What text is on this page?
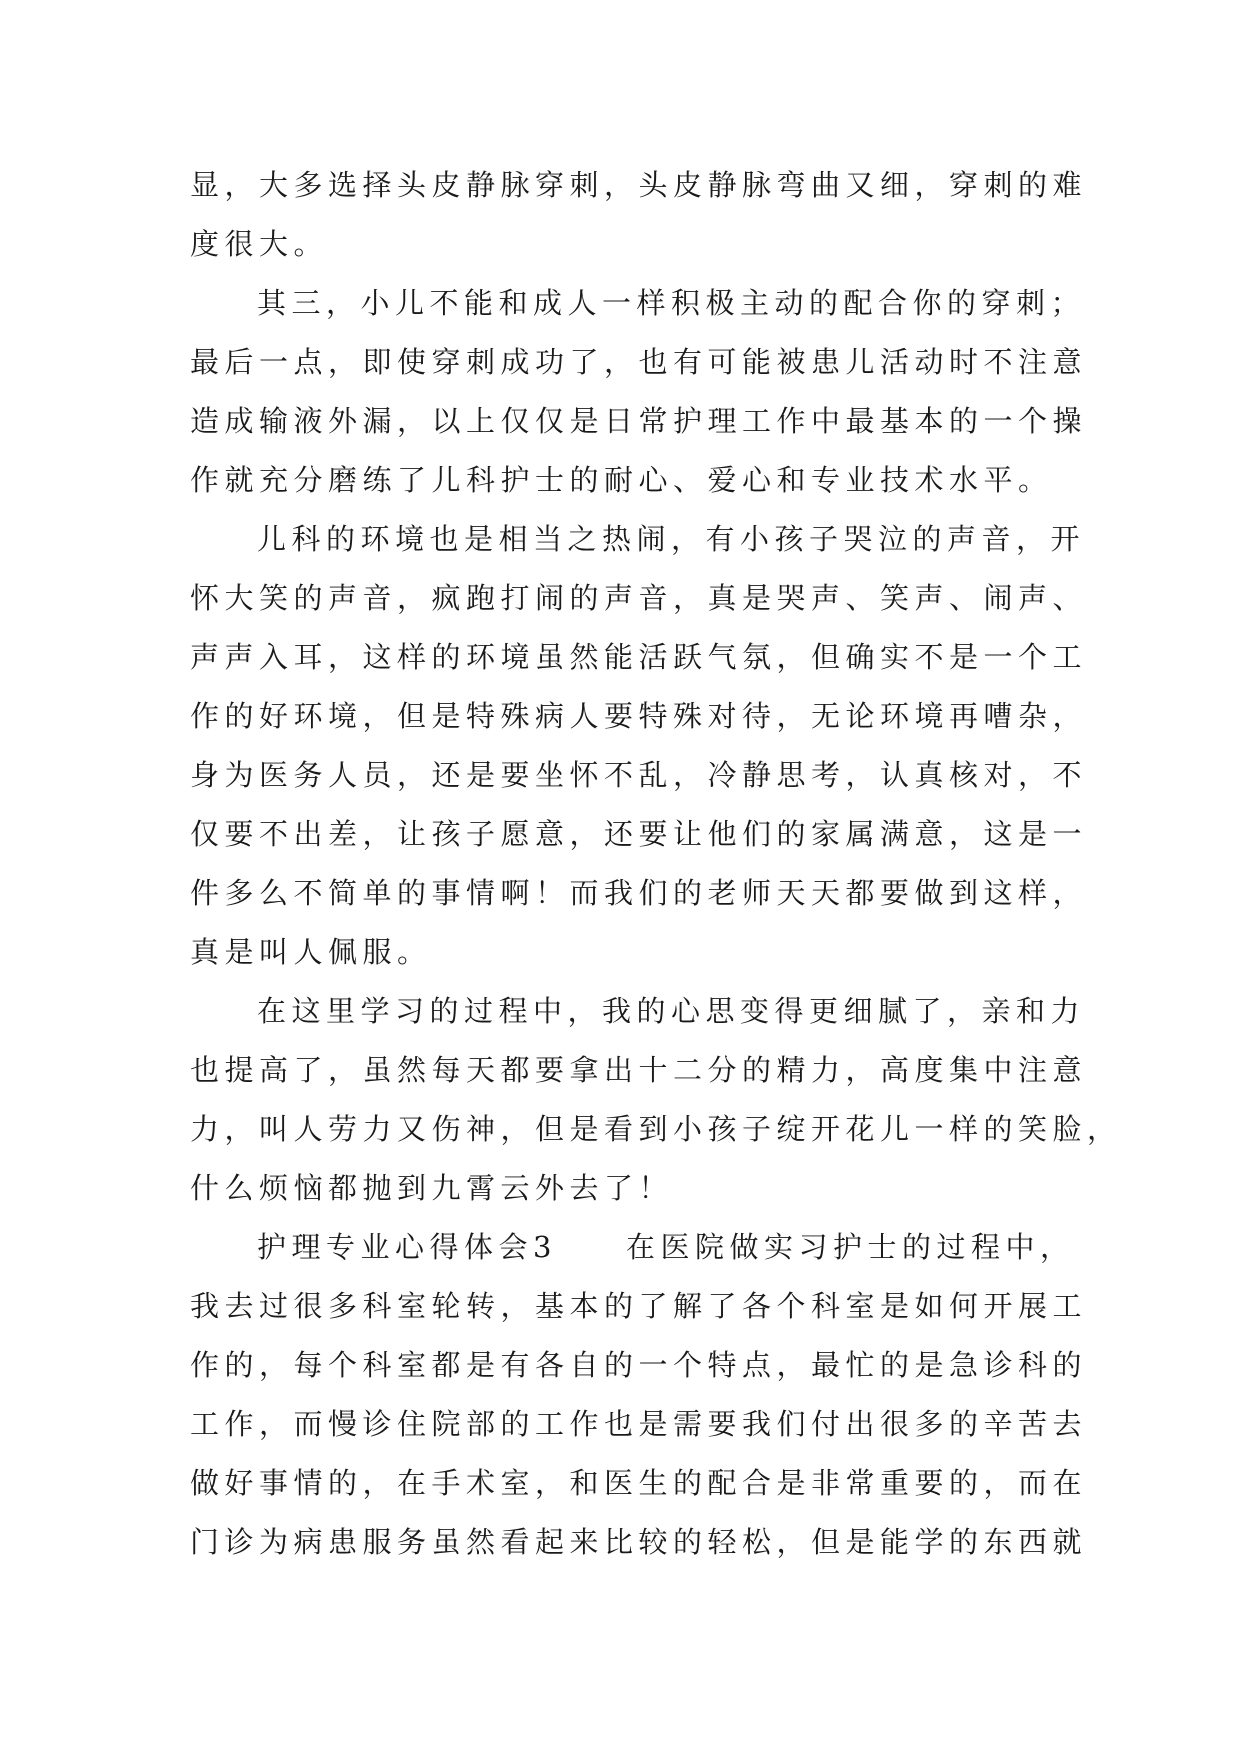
显，大多选择头皮静脉穿刺，头皮静脉弯曲又细，穿刺的难
度很大。
其三，小儿不能和成人一样积极主动的配合你的穿刺；
最后一点，即使穿刺成功了，也有可能被患儿活动时不注意
造成输液外漏，以上仅仅是日常护理工作中最基本的一个操
作就充分磨练了儿科护士的耐心、爱心和专业技术水平。
儿科的环境也是相当之热闹，有小孩子哭泣的声音，开
怀大笑的声音，疯跑打闹的声音，真是哭声、笑声、闹声、
声声入耳，这样的环境虽然能活跃气氛，但确实不是一个工
作的好环境，但是特殊病人要特殊对待，无论环境再嘈杂，
身为医务人员，还是要坐怀不乱，冷静思考，认真核对，不
仅要不出差，让孩子愿意，还要让他们的家属满意，这是一
件多么不简单的事情啊！而我们的老师天天都要做到这样，
真是叫人佩服。
在这里学习的过程中，我的心思变得更细腻了，亲和力
也提高了，虽然每天都要拿出十二分的精力，高度集中注意
力，叫人劳力又伤神，但是看到小孩子绽开花儿一样的笑脸，
什么烦恼都抛到九霄云外去了！
护理专业心得体会3　　在医院做实习护士的过程中，
我去过很多科室轮转，基本的了解了各个科室是如何开展工
作的，每个科室都是有各自的一个特点，最忙的是急诊科的
工作，而慢诊住院部的工作也是需要我们付出很多的辛苦去
做好事情的，在手术室，和医生的配合是非常重要的，而在
门诊为病患服务虽然看起来比较的轻松，但是能学的东西就
